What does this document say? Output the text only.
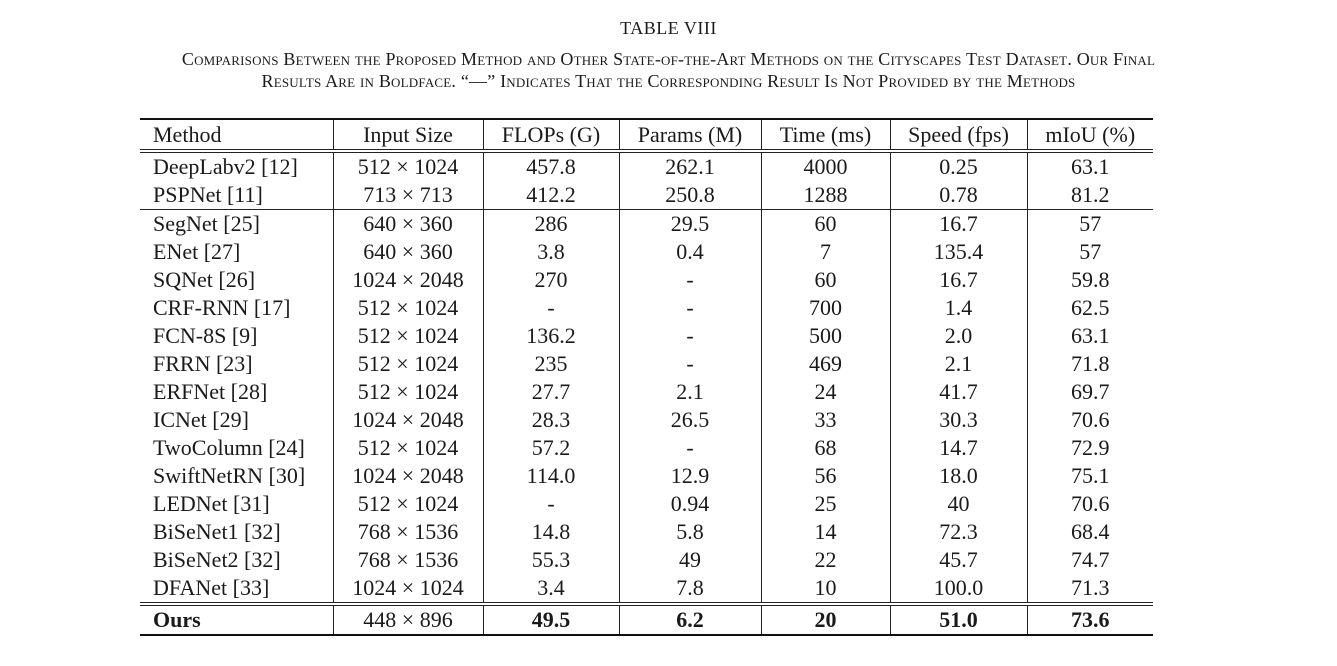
TABLE VIII
Comparisons Between the Proposed Method and Other State-of-the-Art Methods on the Cityscapes Test Dataset. Our Final
Results Are in Boldface. “—” Indicates That the Corresponding Result Is Not Provided by the Methods
Method	Input Size	FLOPs (G)	Params (M)	Time (ms)	Speed (fps)	mIoU (%)
DeepLabv2 [12]	512 × 1024	457.8	262.1	4000	0.25	63.1
PSPNet [11]	713 × 713	412.2	250.8	1288	0.78	81.2
SegNet [25]	640 × 360	286	29.5	60	16.7	57
ENet [27]	640 × 360	3.8	0.4	7	135.4	57
SQNet [26]	1024 × 2048	270	-	60	16.7	59.8
CRF-RNN [17]	512 × 1024	-	-	700	1.4	62.5
FCN-8S [9]	512 × 1024	136.2	-	500	2.0	63.1
FRRN [23]	512 × 1024	235	-	469	2.1	71.8
ERFNet [28]	512 × 1024	27.7	2.1	24	41.7	69.7
ICNet [29]	1024 × 2048	28.3	26.5	33	30.3	70.6
TwoColumn [24]	512 × 1024	57.2	-	68	14.7	72.9
SwiftNetRN [30]	1024 × 2048	114.0	12.9	56	18.0	75.1
LEDNet [31]	512 × 1024	-	0.94	25	40	70.6
BiSeNet1 [32]	768 × 1536	14.8	5.8	14	72.3	68.4
BiSeNet2 [32]	768 × 1536	55.3	49	22	45.7	74.7
DFANet [33]	1024 × 1024	3.4	7.8	10	100.0	71.3
Ours	448 × 896	49.5	6.2	20	51.0	73.6
